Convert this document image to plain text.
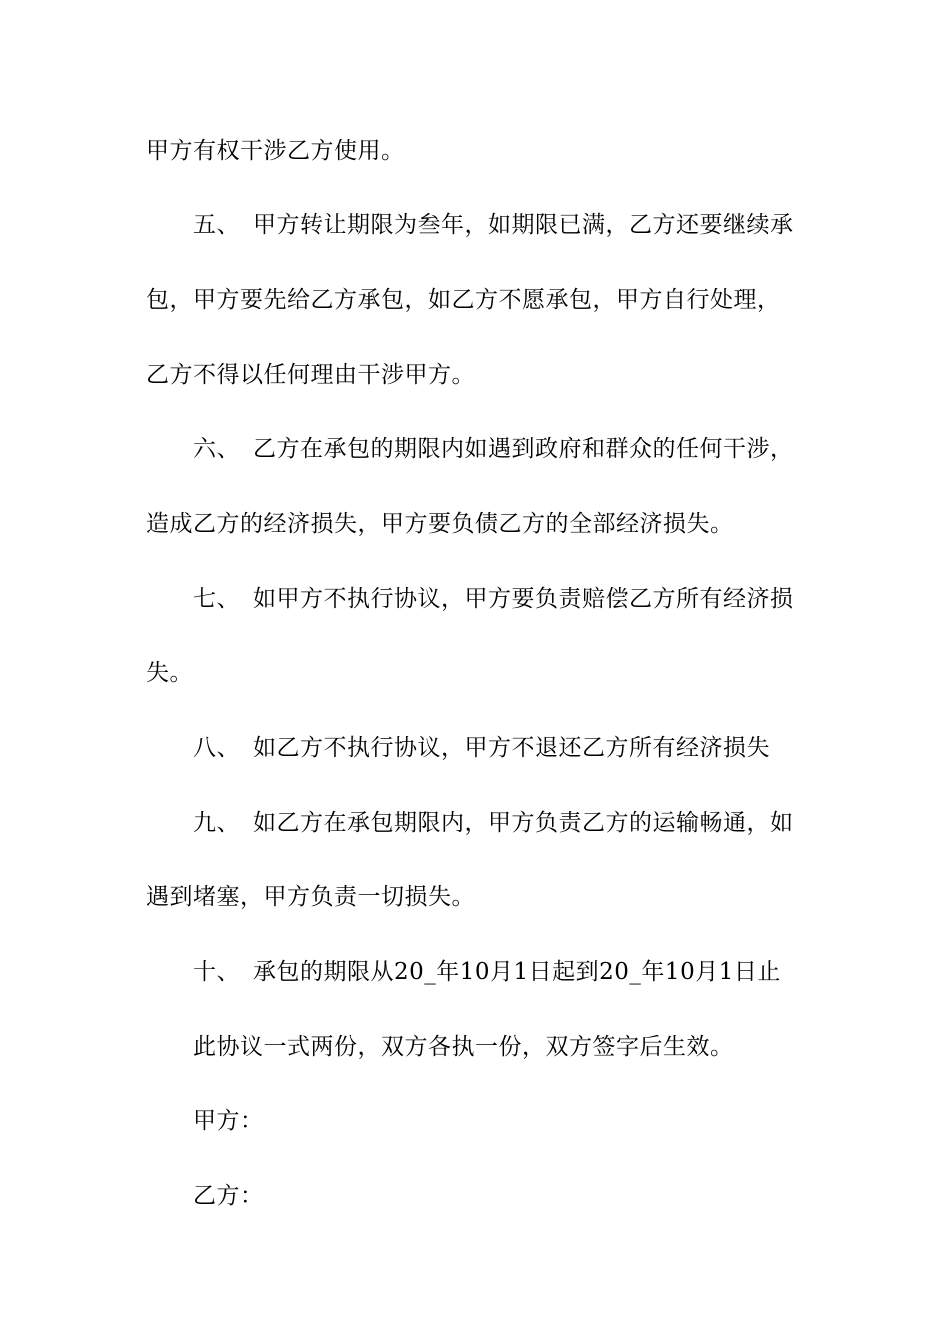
甲方有权干涉乙方使用。
五、 甲方转让期限为叁年，如期限已满，乙方还要继续承
包，甲方要先给乙方承包，如乙方不愿承包，甲方自行处理，
乙方不得以任何理由干涉甲方。
六、 乙方在承包的期限内如遇到政府和群众的任何干涉，
造成乙方的经济损失，甲方要负债乙方的全部经济损失。
七、 如甲方不执行协议，甲方要负责赔偿乙方所有经济损
失。
八、 如乙方不执行协议，甲方不退还乙方所有经济损失
九、 如乙方在承包期限内，甲方负责乙方的运输畅通，如
遇到堵塞，甲方负责一切损失。
十、 承包的期限从20_年10月1日起到20_年10月1日止
此协议一式两份，双方各执一份，双方签字后生效。
甲方：
乙方：
